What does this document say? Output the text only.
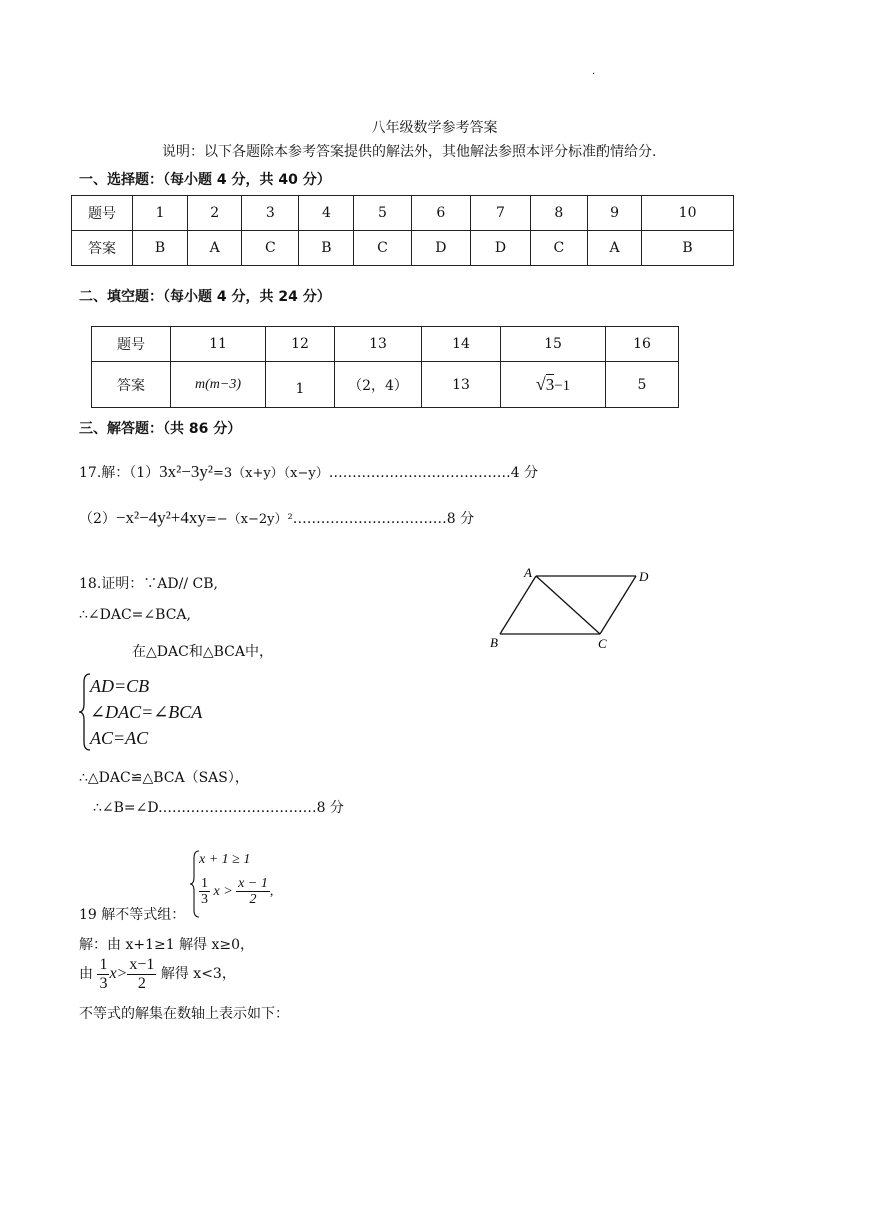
.
八年级数学参考答案
说明：以下各题除本参考答案提供的解法外，其他解法参照本评分标准酌情给分.
一、选择题：（每小题 4 分，共 40 分）
题号	1	2	3	4	5	6	7	8	9	10
答案	B	A	C	B	C	D	D	C	A	B
二、填空题：（每小题 4 分，共 24 分）
题号	11	12	13	14	15	16
答案	m(m−3)	1	（2，4）	13	√3−1	5
三、解答题：（共 86 分）
17.解：（1）3x²−3y²=3（x+y）（x−y）…………………………………4 分
（2）−x²−4y²+4xy=−（x−2y）²……………………………8 分
18.证明：∵AD// CB,
∴∠DAC=∠BCA,
在△DAC和△BCA中，
AD=CB
∠DAC=∠BCA
AC=AC
∴△DAC≌△BCA（SAS），
∴∠B=∠D.……………………………8 分
A	D
B	C
x + 1 ≥ 1
$\frac{1}{3}$ $x > \frac{x - 1}{2}$ ,
19 解不等式组：
解：由 x+1≥1 解得 x≥0，
由 $\frac{1}{3} x> \frac{x-1}{2}$ 解得 x<3，
不等式的解集在数轴上表示如下：
